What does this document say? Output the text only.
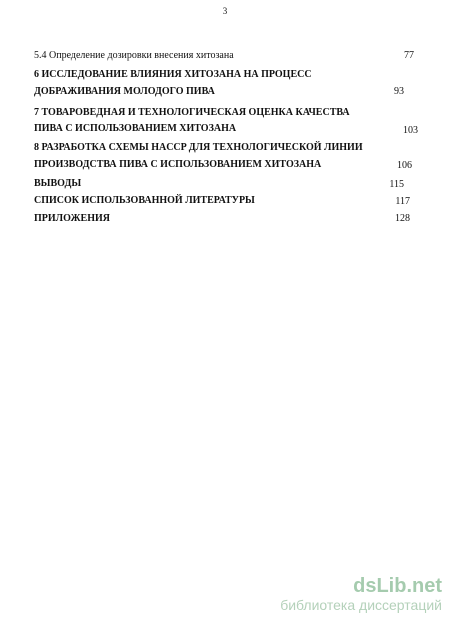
3
5.4 Определение дозировки внесения хитозана	77
6 ИССЛЕДОВАНИЕ ВЛИЯНИЯ ХИТОЗАНА НА ПРОЦЕСС
ДОБРАЖИВАНИЯ МОЛОДОГО ПИВА	93
7 ТОВАРОВЕДНАЯ И ТЕХНОЛОГИЧЕСКАЯ ОЦЕНКА КАЧЕСТВА
ПИВА С ИСПОЛЬЗОВАНИЕМ ХИТОЗАНА	103
8 РАЗРАБОТКА СХЕМЫ HACCP ДЛЯ ТЕХНОЛОГИЧЕСКОЙ ЛИНИИ
ПРОИЗВОДСТВА ПИВА С ИСПОЛЬЗОВАНИЕМ ХИТОЗАНА	106
ВЫВОДЫ	115
СПИСОК ИСПОЛЬЗОВАННОЙ ЛИТЕРАТУРЫ	117
ПРИЛОЖЕНИЯ	128
dsLib.net
библиотека диссертаций
